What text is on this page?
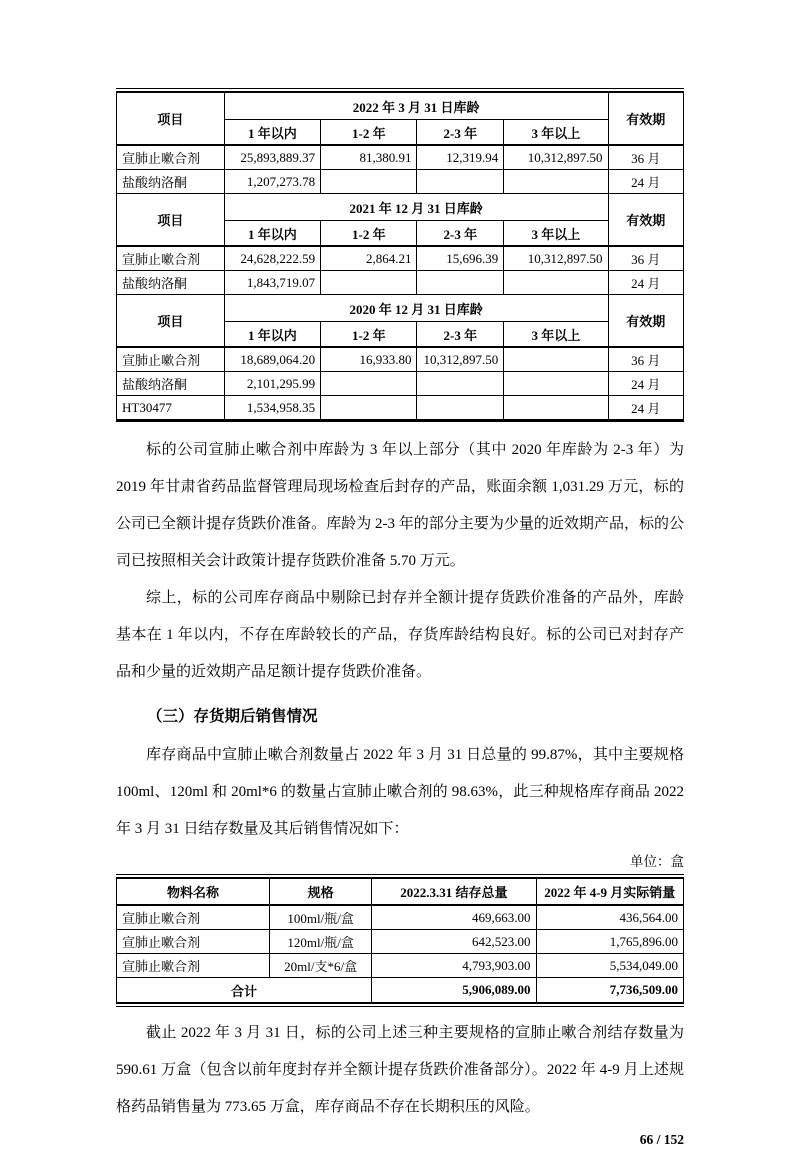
项目	2022 年 3 月 31 日库龄				有效期
	1 年以内	1-2 年	2-3 年	3 年以上	
宣肺止嗽合剂	25,893,889.37	81,380.91	12,319.94	10,312,897.50	36 月
盐酸纳洛酮	1,207,273.78				24 月
项目	2021 年 12 月 31 日库龄				有效期
	1 年以内	1-2 年	2-3 年	3 年以上	
宣肺止嗽合剂	24,628,222.59	2,864.21	15,696.39	10,312,897.50	36 月
盐酸纳洛酮	1,843,719.07				24 月
项目	2020 年 12 月 31 日库龄				有效期
	1 年以内	1-2 年	2-3 年	3 年以上	
宣肺止嗽合剂	18,689,064.20	16,933.80	10,312,897.50		36 月
盐酸纳洛酮	2,101,295.99				24 月
HT30477	1,534,958.35				24 月

标的公司宣肺止嗽合剂中库龄为 3 年以上部分（其中 2020 年库龄为 2-3 年）为 2019 年甘肃省药品监督管理局现场检查后封存的产品，账面余额 1,031.29 万元，标的公司已全额计提存货跌价准备。库龄为 2-3 年的部分主要为少量的近效期产品，标的公司已按照相关会计政策计提存货跌价准备 5.70 万元。

综上，标的公司库存商品中剔除已封存并全额计提存货跌价准备的产品外，库龄基本在 1 年以内，不存在库龄较长的产品，存货库龄结构良好。标的公司已对封存产品和少量的近效期产品足额计提存货跌价准备。

（三）存货期后销售情况

库存商品中宣肺止嗽合剂数量占 2022 年 3 月 31 日总量的 99.87%，其中主要规格 100ml、120ml 和 20ml*6 的数量占宣肺止嗽合剂的 98.63%，此三种规格库存商品 2022 年 3 月 31 日结存数量及其后销售情况如下：

单位：盒
物料名称	规格	2022.3.31 结存总量	2022 年 4-9 月实际销量
宣肺止嗽合剂	100ml/瓶/盒	469,663.00	436,564.00
宣肺止嗽合剂	120ml/瓶/盒	642,523.00	1,765,896.00
宣肺止嗽合剂	20ml/支*6/盒	4,793,903.00	5,534,049.00
合计		5,906,089.00	7,736,509.00

截止 2022 年 3 月 31 日，标的公司上述三种主要规格的宣肺止嗽合剂结存数量为 590.61 万盒（包含以前年度封存并全额计提存货跌价准备部分）。2022 年 4-9 月上述规格药品销售量为 773.65 万盒，库存商品不存在长期积压的风险。

66 / 152
